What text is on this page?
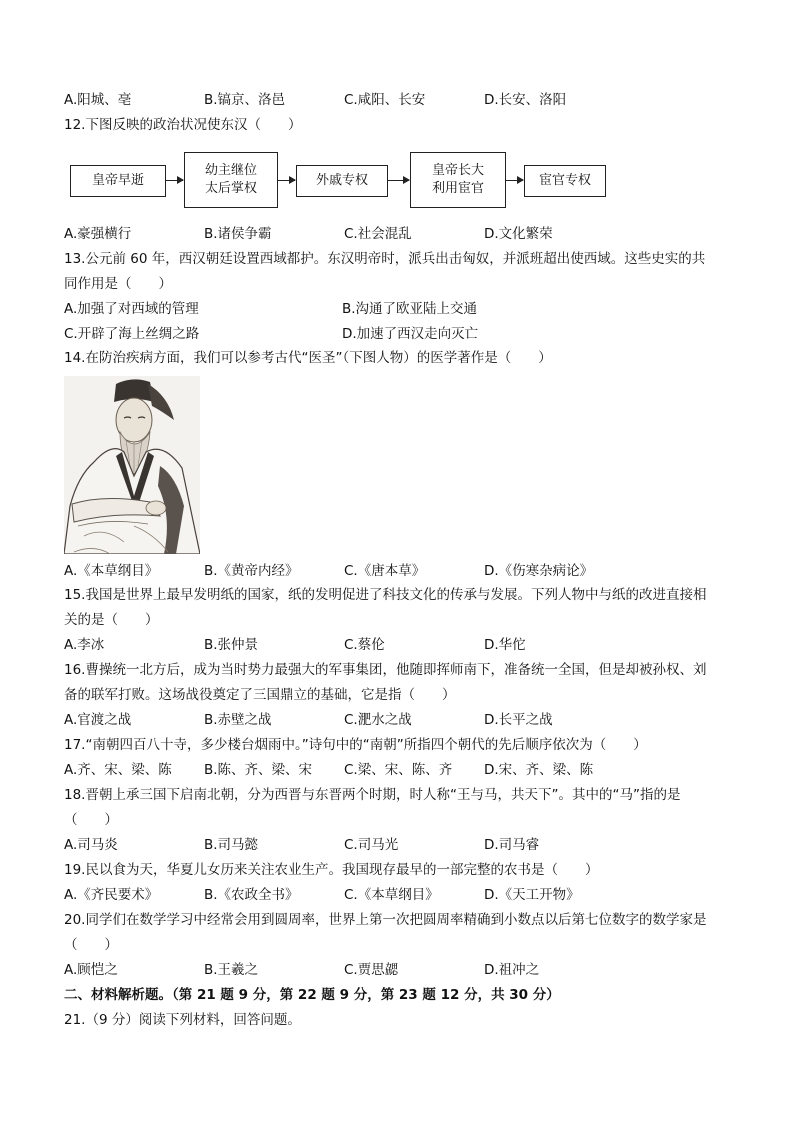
A.阳城、亳	B.镐京、洛邑	C.咸阳、长安	D.长安、洛阳
12.下图反映的政治状况使东汉（　　）
皇帝早逝
幼主继位
太后掌权
外戚专权
皇帝长大
利用宦官
宦官专权
A.豪强横行	B.诸侯争霸	C.社会混乱	D.文化繁荣
13.公元前 60 年，西汉朝廷设置西域都护。东汉明帝时，派兵出击匈奴，并派班超出使西域。这些史实的共
同作用是（　　）
A.加强了对西域的管理	B.沟通了欧亚陆上交通
C.开辟了海上丝绸之路	D.加速了西汉走向灭亡
14.在防治疾病方面，我们可以参考古代“医圣”（下图人物）的医学著作是（　　）
A.《本草纲目》	B.《黄帝内经》	C.《唐本草》	D.《伤寒杂病论》
15.我国是世界上最早发明纸的国家，纸的发明促进了科技文化的传承与发展。下列人物中与纸的改进直接相
关的是（　　）
A.李冰	B.张仲景	C.蔡伦	D.华佗
16.曹操统一北方后，成为当时势力最强大的军事集团，他随即挥师南下，准备统一全国，但是却被孙权、刘
备的联军打败。这场战役奠定了三国鼎立的基础，它是指（　　）
A.官渡之战	B.赤壁之战	C.淝水之战	D.长平之战
17.“南朝四百八十寺，多少楼台烟雨中。”诗句中的“南朝”所指四个朝代的先后顺序依次为（　　）
A.齐、宋、梁、陈	B.陈、齐、梁、宋	C.梁、宋、陈、齐	D.宋、齐、梁、陈
18.晋朝上承三国下启南北朝，分为西晋与东晋两个时期，时人称“王与马，共天下”。其中的“马”指的是
（　　）
A.司马炎	B.司马懿	C.司马光	D.司马睿
19.民以食为天，华夏儿女历来关注农业生产。我国现存最早的一部完整的农书是（　　）
A.《齐民要术》	B.《农政全书》	C.《本草纲目》	D.《天工开物》
20.同学们在数学学习中经常会用到圆周率，世界上第一次把圆周率精确到小数点以后第七位数字的数学家是
（　　）
A.顾恺之	B.王羲之	C.贾思勰	D.祖冲之
二、材料解析题。（第 21 题 9 分，第 22 题 9 分，第 23 题 12 分，共 30 分）
21.（9 分）阅读下列材料，回答问题。
